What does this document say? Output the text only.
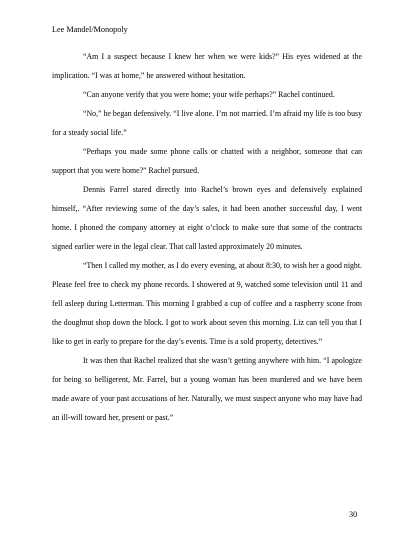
Lee Mandel/Monopoly

“Am I a suspect because I knew her when we were kids?” His eyes widened at the implication. “I was at home,” he answered without hesitation.

“Can anyone verify that you were home; your wife perhaps?” Rachel continued.

“No,” he began defensively. “I live alone. I’m not married. I’m afraid my life is too busy for a steady social life.”

“Perhaps you made some phone calls or chatted with a neighbor, someone that can support that you were home?” Rachel pursued.

Dennis Farrel stared directly into Rachel’s brown eyes and defensively explained himself,. “After reviewing some of the day’s sales, it had been another successful day, I went home. I phoned the company attorney at eight o’clock to make sure that some of the contracts signed earlier were in the legal clear. That call lasted approximately 20 minutes.

“Then I called my mother, as I do every evening, at about 8:30, to wish her a good night. Please feel free to check my phone records. I showered at 9, watched some television until 11 and fell asleep during Letterman. This morning I grabbed a cup of coffee and a raspberry scone from the doughnut shop down the block. I got to work about seven this morning. Liz can tell you that I like to get in early to prepare for the day’s events. Time is a sold property, detectives.”

It was then that Rachel realized that she wasn’t getting anywhere with him. “I apologize for being so belligerent, Mr. Farrel, but a young woman has been murdered and we have been made aware of your past accusations of her. Naturally, we must suspect anyone who may have had an ill-will toward her, present or past.”

30
